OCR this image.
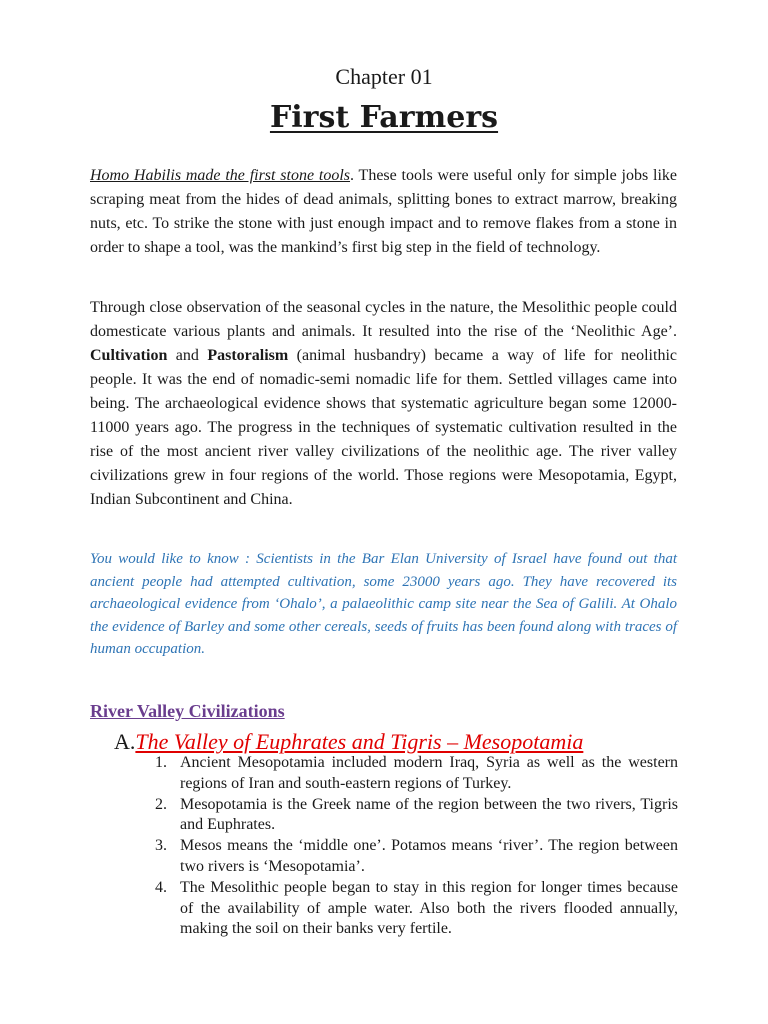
Chapter 01
First Farmers
Homo Habilis made the first stone tools. These tools were useful only for simple jobs like scraping meat from the hides of dead animals, splitting bones to extract marrow, breaking nuts, etc. To strike the stone with just enough impact and to remove flakes from a stone in order to shape a tool, was the mankind’s first big step in the field of technology.
Through close observation of the seasonal cycles in the nature, the Mesolithic people could domesticate various plants and animals. It resulted into the rise of the ‘Neolithic Age’. Cultivation and Pastoralism (animal husbandry) became a way of life for neolithic people. It was the end of nomadic-semi nomadic life for them. Settled villages came into being. The archaeological evidence shows that systematic agriculture began some 12000-11000 years ago. The progress in the techniques of systematic cultivation resulted in the rise of the most ancient river valley civilizations of the neolithic age. The river valley civilizations grew in four regions of the world. Those regions were Mesopotamia, Egypt, Indian Subcontinent and China.
You would like to know : Scientists in the Bar Elan University of Israel have found out that ancient people had attempted cultivation, some 23000 years ago. They have recovered its archaeological evidence from ‘Ohalo’, a palaeolithic camp site near the Sea of Galili. At Ohalo the evidence of Barley and some other cereals, seeds of fruits has been found along with traces of human occupation.
River Valley Civilizations
A.The Valley of Euphrates and Tigris – Mesopotamia
1. Ancient Mesopotamia included modern Iraq, Syria as well as the western regions of Iran and south-eastern regions of Turkey.
2. Mesopotamia is the Greek name of the region between the two rivers, Tigris and Euphrates.
3. Mesos means the ‘middle one’. Potamos means ‘river’. The region between two rivers is ‘Mesopotamia’.
4. The Mesolithic people began to stay in this region for longer times because of the availability of ample water. Also both the rivers flooded annually, making the soil on their banks very fertile.
